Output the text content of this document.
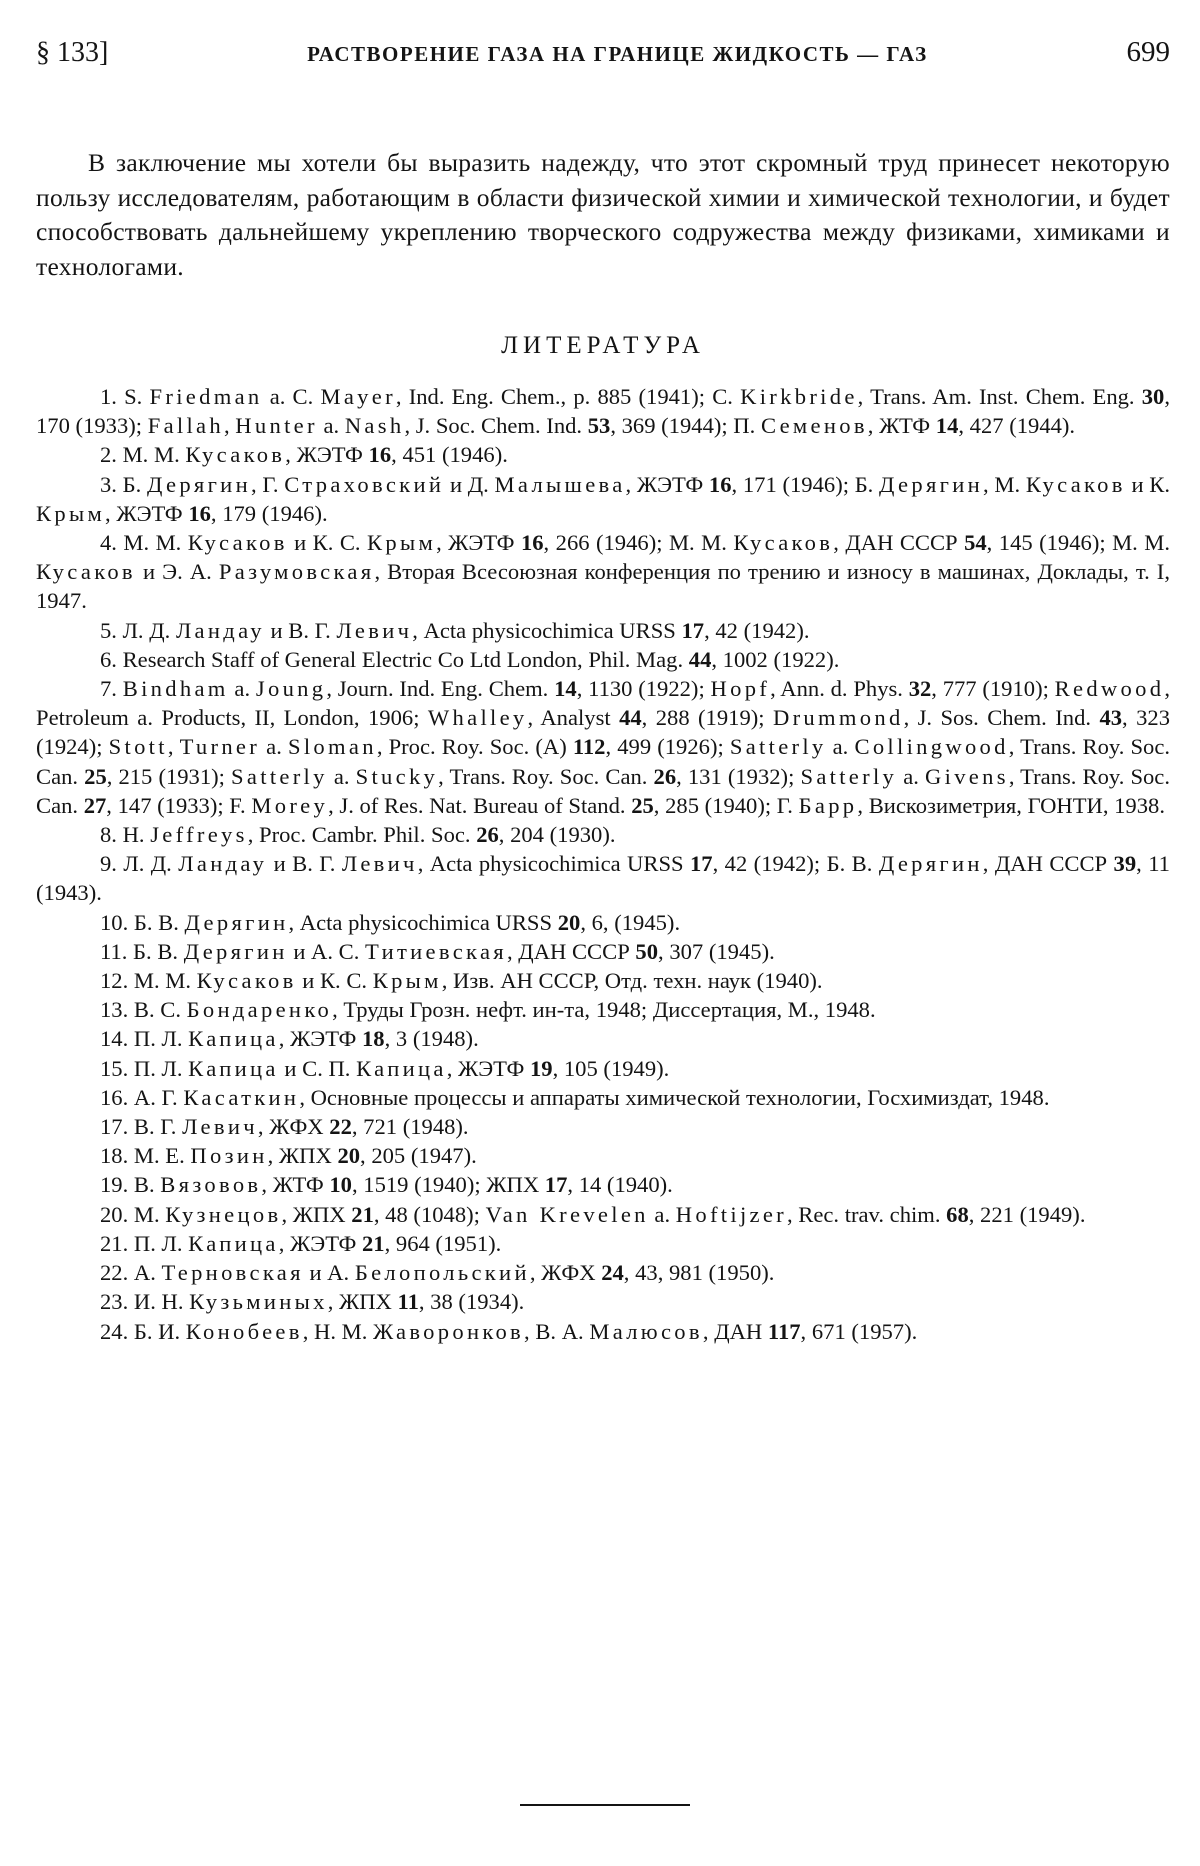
§ 133]	РАСТВОРЕНИЕ ГАЗА НА ГРАНИЦЕ ЖИДКОСТЬ — ГАЗ	699

В заключение мы хотели бы выразить надежду, что этот скромный труд принесет некоторую пользу исследователям, работающим в области физической химии и химической технологии, и будет способствовать дальнейшему укреплению творческого содружества между физиками, химиками и технологами.

ЛИТЕРАТУРА

1. S. Friedman a. C. Mayer, Ind. Eng. Chem., p. 885 (1941); C. Kirkbride, Trans. Am. Inst. Chem. Eng. 30, 170 (1933); Fallah, Hunter a. Nash, J. Soc. Chem. Ind. 53, 369 (1944); П. Семенов, ЖТФ 14, 427 (1944).

2. М. М. Кусаков, ЖЭТФ 16, 451 (1946).

3. Б. Дерягин, Г. Страховский и Д. Малышева, ЖЭТФ 16, 171 (1946); Б. Дерягин, М. Кусаков и К. Крым, ЖЭТФ 16, 179 (1946).

4. М. М. Кусаков и К. С. Крым, ЖЭТФ 16, 266 (1946); М. М. Кусаков, ДАН СССР 54, 145 (1946); М. М. Кусаков и Э. А. Разумовская, Вторая Всесоюзная конференция по трению и износу в машинах, Доклады, т. I, 1947.

5. Л. Д. Ландау и В. Г. Левич, Acta physicochimica URSS 17, 42 (1942).

6. Research Staff of General Electric Co Ltd London, Phil. Mag. 44, 1002 (1922).

7. Bindham a. Joung, Journ. Ind. Eng. Chem. 14, 1130 (1922); Hopf, Ann. d. Phys. 32, 777 (1910); Redwood, Petroleum a. Products, II, London, 1906; Whalley, Analyst 44, 288 (1919); Drummond, J. Sos. Chem. Ind. 43, 323 (1924); Stott, Turner a. Sloman, Proc. Roy. Soc. (A) 112, 499 (1926); Satterly a. Collingwood, Trans. Roy. Soc. Can. 25, 215 (1931); Satterly a. Stucky, Trans. Roy. Soc. Can. 26, 131 (1932); Satterly a. Givens, Trans. Roy. Soc. Can. 27, 147 (1933); F. Morey, J. of Res. Nat. Bureau of Stand. 25, 285 (1940); Г. Барр, Вискозиметрия, ГОНТИ, 1938.

8. H. Jeffreys, Proc. Cambr. Phil. Soc. 26, 204 (1930).

9. Л. Д. Ландау и В. Г. Левич, Acta physicochimica URSS 17, 42 (1942); Б. В. Дерягин, ДАН СССР 39, 11 (1943).

10. Б. В. Дерягин, Acta physicochimica URSS 20, 6, (1945).

11. Б. В. Дерягин и А. С. Титиевская, ДАН СССР 50, 307 (1945).

12. М. М. Кусаков и К. С. Крым, Изв. АН СССР, Отд. техн. наук (1940).

13. В. С. Бондаренко, Труды Грозн. нефт. ин-та, 1948; Диссертация, М., 1948.

14. П. Л. Капица, ЖЭТФ 18, 3 (1948).

15. П. Л. Капица и С. П. Капица, ЖЭТФ 19, 105 (1949).

16. А. Г. Касаткин, Основные процессы и аппараты химической технологии, Госхимиздат, 1948.

17. В. Г. Левич, ЖФХ 22, 721 (1948).

18. М. Е. Позин, ЖПХ 20, 205 (1947).

19. В. Вязовов, ЖТФ 10, 1519 (1940); ЖПХ 17, 14 (1940).

20. М. Кузнецов, ЖПХ 21, 48 (1048); Van Krevelen a. Hoftijzer, Rec. trav. chim. 68, 221 (1949).

21. П. Л. Капица, ЖЭТФ 21, 964 (1951).

22. А. Терновская и А. Белопольский, ЖФХ 24, 43, 981 (1950).

23. И. Н. Кузьминых, ЖПХ 11, 38 (1934).

24. Б. И. Конобеев, Н. М. Жаворонков, В. А. Малюсов, ДАН 117, 671 (1957).
